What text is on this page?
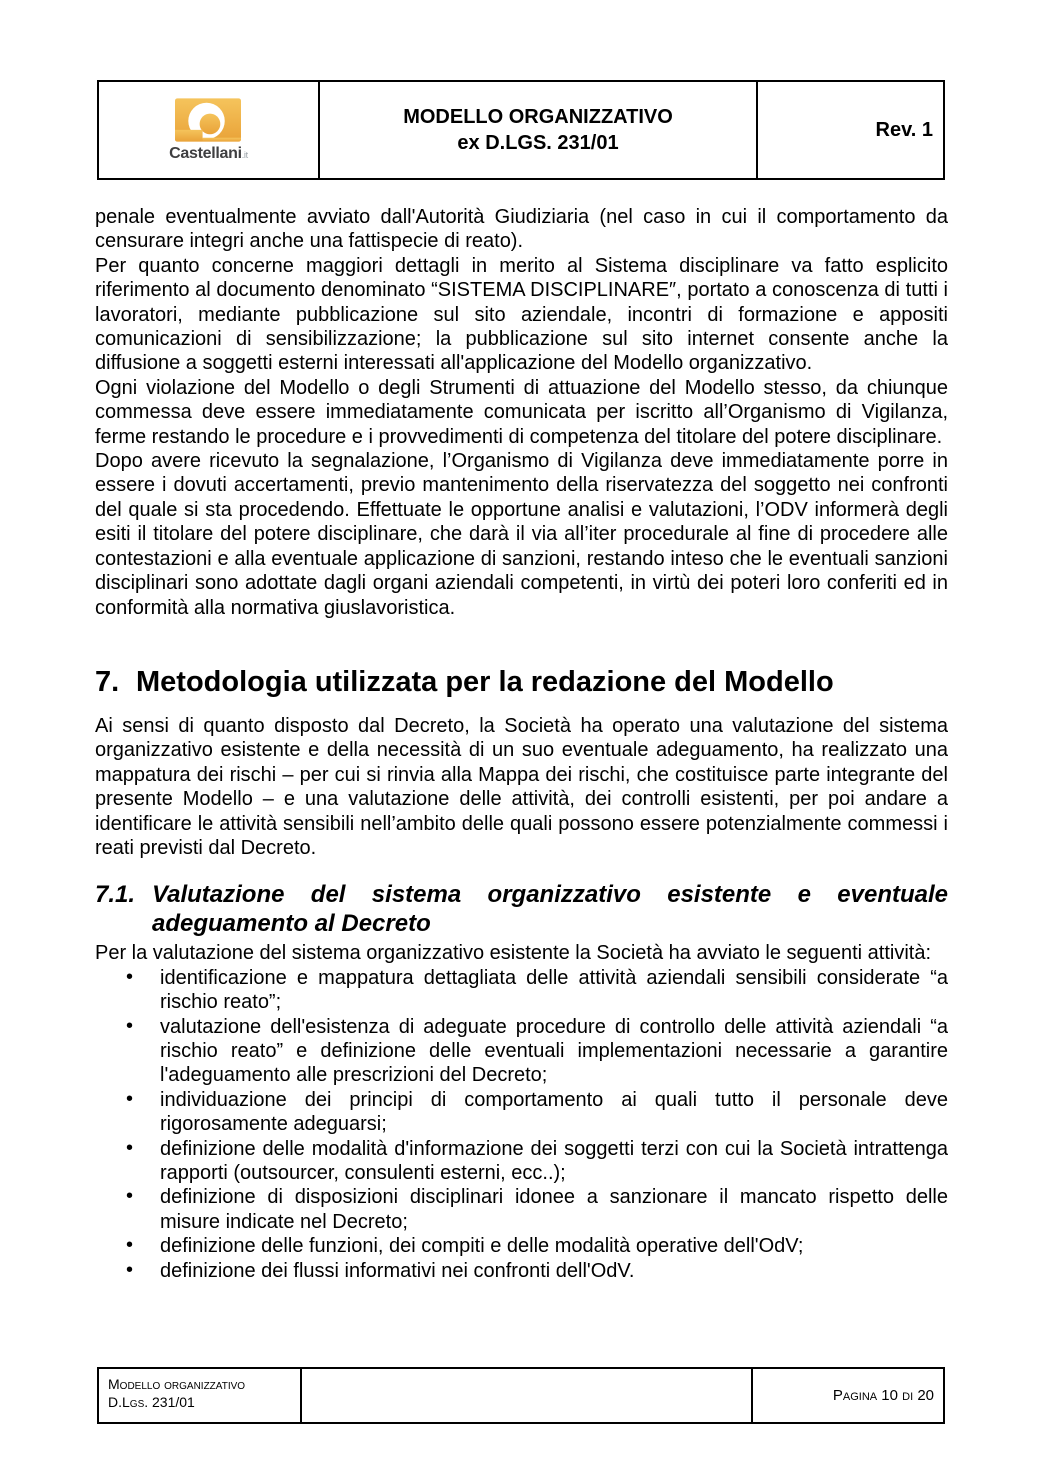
Castellani.it
MODELLO ORGANIZZATIVO
ex D.LGS. 231/01
Rev. 1

penale eventualmente avviato dall'Autorità Giudiziaria (nel caso in cui il comportamento da censurare integri anche una fattispecie di reato).

Per quanto concerne maggiori dettagli in merito al Sistema disciplinare va fatto esplicito riferimento al documento denominato “SISTEMA DISCIPLINARE″, portato a conoscenza di tutti i lavoratori, mediante pubblicazione sul sito aziendale, incontri di formazione e appositi comunicazioni di sensibilizzazione; la pubblicazione sul sito internet consente anche la diffusione a soggetti esterni interessati all'applicazione del Modello organizzativo.

Ogni violazione del Modello o degli Strumenti di attuazione del Modello stesso, da chiunque commessa deve essere immediatamente comunicata per iscritto all’Organismo di Vigilanza, ferme restando le procedure e i provvedimenti di competenza del titolare del potere disciplinare.

Dopo avere ricevuto la segnalazione, l’Organismo di Vigilanza deve immediatamente porre in essere i dovuti accertamenti, previo mantenimento della riservatezza del soggetto nei confronti del quale si sta procedendo. Effettuate le opportune analisi e valutazioni, l’ODV informerà degli esiti il titolare del potere disciplinare, che darà il via all’iter procedurale al fine di procedere alle contestazioni e alla eventuale applicazione di sanzioni, restando inteso che le eventuali sanzioni disciplinari sono adottate dagli organi aziendali competenti, in virtù dei poteri loro conferiti ed in conformità alla normativa giuslavoristica.

7. Metodologia utilizzata per la redazione del Modello

Ai sensi di quanto disposto dal Decreto, la Società ha operato una valutazione del sistema organizzativo esistente e della necessità di un suo eventuale adeguamento, ha realizzato una mappatura dei rischi – per cui si rinvia alla Mappa dei rischi, che costituisce parte integrante del presente Modello – e una valutazione delle attività, dei controlli esistenti, per poi andare a identificare le attività sensibili nell’ambito delle quali possono essere potenzialmente commessi i reati previsti dal Decreto.

7.1. Valutazione del sistema organizzativo esistente e eventuale adeguamento al Decreto

Per la valutazione del sistema organizzativo esistente la Società ha avviato le seguenti attività:

• identificazione e mappatura dettagliata delle attività aziendali sensibili considerate “a rischio reato”;
• valutazione dell'esistenza di adeguate procedure di controllo delle attività aziendali “a rischio reato” e definizione delle eventuali implementazioni necessarie a garantire l'adeguamento alle prescrizioni del Decreto;
• individuazione dei principi di comportamento ai quali tutto il personale deve rigorosamente adeguarsi;
• definizione delle modalità d'informazione dei soggetti terzi con cui la Società intrattenga rapporti (outsourcer, consulenti esterni, ecc..);
• definizione di disposizioni disciplinari idonee a sanzionare il mancato rispetto delle misure indicate nel Decreto;
• definizione delle funzioni, dei compiti e delle modalità operative dell'OdV;
• definizione dei flussi informativi nei confronti dell'OdV.
Modello organizzativo
D.Lgs. 231/01	Pagina 10 di 20
